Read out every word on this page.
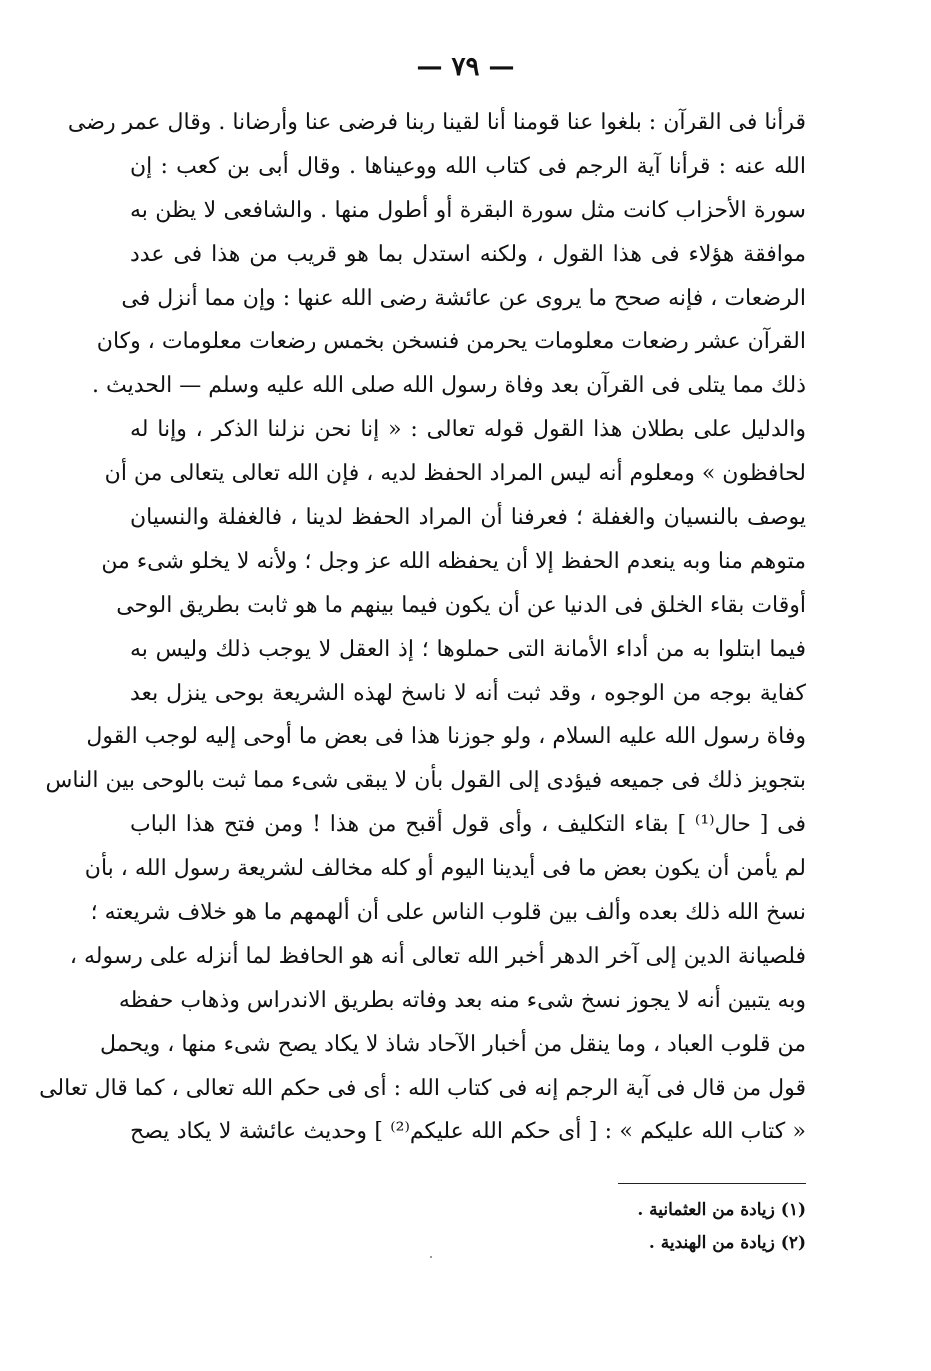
— ٧٩ —
قرأنا فى القرآن : بلغوا عنا قومنا أنا لقينا ربنا فرضى عنا وأرضانا . وقال عمر رضى
الله عنه : قرأنا آية الرجم فى كتاب الله ووعيناها . وقال أبى بن كعب : إن
سورة الأحزاب كانت مثل سورة البقرة أو أطول منها . والشافعى لا يظن به
موافقة هؤلاء فى هذا القول ، ولكنه استدل بما هو قريب من هذا فى عدد
الرضعات ، فإنه صحح ما يروى عن عائشة رضى الله عنها : وإن مما أنزل فى
القرآن عشر رضعات معلومات يحرمن فنسخن بخمس رضعات معلومات ، وكان
ذلك مما يتلى فى القرآن بعد وفاة رسول الله صلى الله عليه وسلم — الحديث .
والدليل على بطلان هذا القول قوله تعالى : « إنا نحن نزلنا الذكر ، وإنا له
لحافظون » ومعلوم أنه ليس المراد الحفظ لديه ، فإن الله تعالى يتعالى من أن
يوصف بالنسيان والغفلة ؛ فعرفنا أن المراد الحفظ لدينا ، فالغفلة والنسيان
متوهم منا وبه ينعدم الحفظ إلا أن يحفظه الله عز وجل ؛ ولأنه لا يخلو شىء من
أوقات بقاء الخلق فى الدنيا عن أن يكون فيما بينهم ما هو ثابت بطريق الوحى
فيما ابتلوا به من أداء الأمانة التى حملوها ؛ إذ العقل لا يوجب ذلك وليس به
كفاية بوجه من الوجوه ، وقد ثبت أنه لا ناسخ لهذه الشريعة بوحى ينزل بعد
وفاة رسول الله عليه السلام ، ولو جوزنا هذا فى بعض ما أوحى إليه لوجب القول
بتجويز ذلك فى جميعه فيؤدى إلى القول بأن لا يبقى شىء مما ثبت بالوحى بين الناس
فى [ حال⁽¹⁾ ] بقاء التكليف ، وأى قول أقبح من هذا ! ومن فتح هذا الباب
لم يأمن أن يكون بعض ما فى أيدينا اليوم أو كله مخالف لشريعة رسول الله ، بأن
نسخ الله ذلك بعده وألف بين قلوب الناس على أن ألهمهم ما هو خلاف شريعته ؛
فلصيانة الدين إلى آخر الدهر أخبر الله تعالى أنه هو الحافظ لما أنزله على رسوله ،
وبه يتبين أنه لا يجوز نسخ شىء منه بعد وفاته بطريق الاندراس وذهاب حفظه
من قلوب العباد ، وما ينقل من أخبار الآحاد شاذ لا يكاد يصح شىء منها ، ويحمل
قول من قال فى آية الرجم إنه فى كتاب الله : أى فى حكم الله تعالى ، كما قال تعالى
« كتاب الله عليكم » : [ أى حكم الله عليكم⁽²⁾ ] وحديث عائشة لا يكاد يصح
(١) زيادة من العثمانية .
(٢) زيادة من الهندية .
